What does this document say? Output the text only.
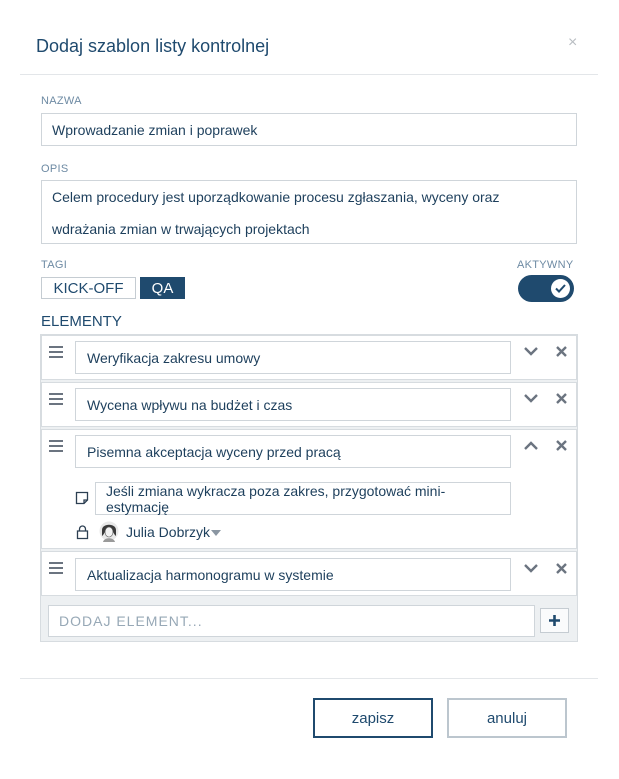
Dodaj szablon listy kontrolnej	×
NAZWA
Wprowadzanie zmian i poprawek
OPIS
Celem procedury jest uporządkowanie procesu zgłaszania, wyceny oraz wdrażania zmian w trwających projektach
TAGI
KICK-OFF	QA
AKTYWNY
ELEMENTY
Weryfikacja zakresu umowy
Wycena wpływu na budżet i czas
Pisemna akceptacja wyceny przed pracą
Jeśli zmiana wykracza poza zakres, przygotować mini-estymację
Julia Dobrzyk
Aktualizacja harmonogramu w systemie
DODAJ ELEMENT...
zapisz	anuluj
